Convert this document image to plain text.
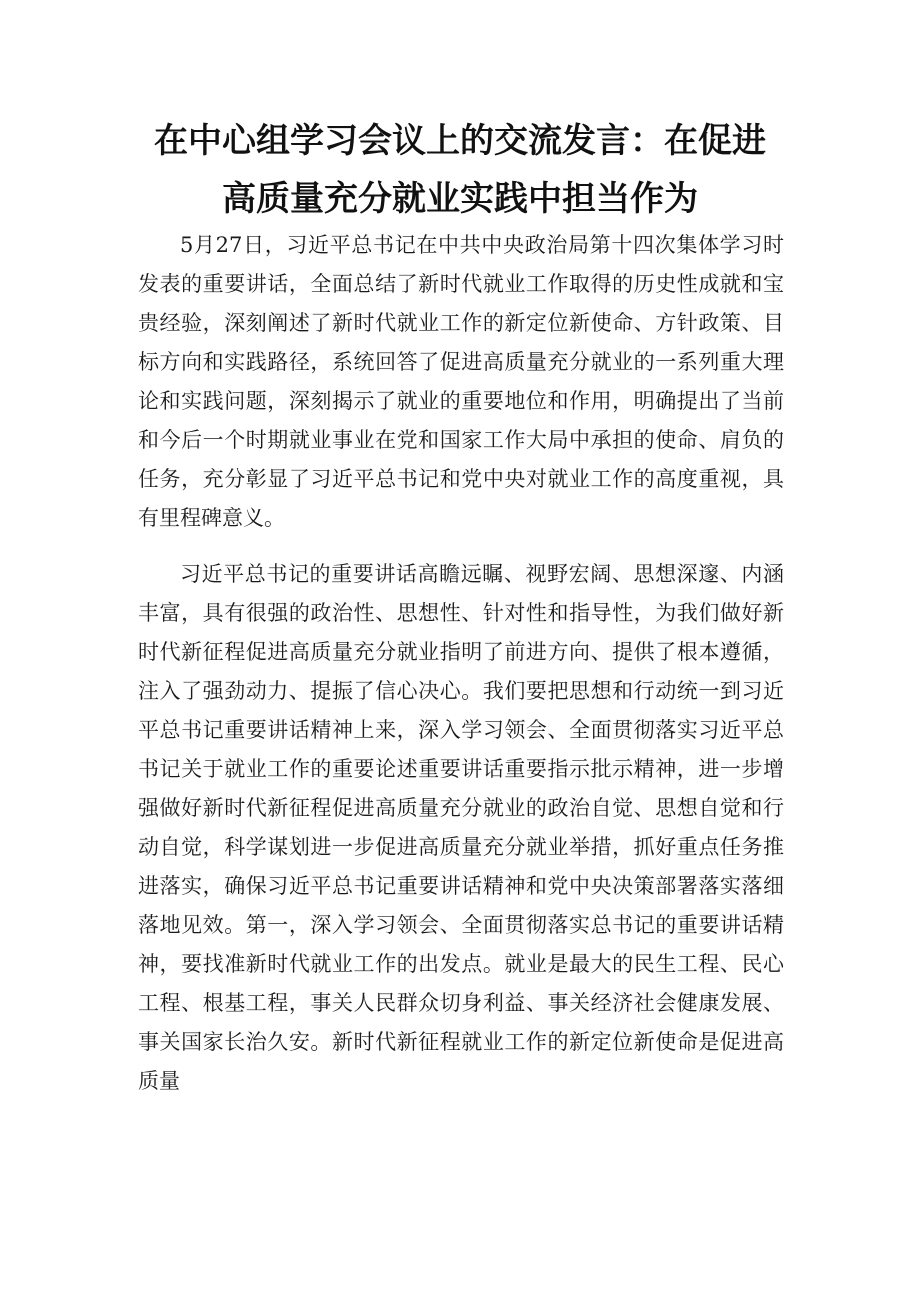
在中心组学习会议上的交流发言：在促进
高质量充分就业实践中担当作为

5月27日，习近平总书记在中共中央政治局第十四次集体学习时发表的重要讲话，全面总结了新时代就业工作取得的历史性成就和宝贵经验，深刻阐述了新时代就业工作的新定位新使命、方针政策、目标方向和实践路径，系统回答了促进高质量充分就业的一系列重大理论和实践问题，深刻揭示了就业的重要地位和作用，明确提出了当前和今后一个时期就业事业在党和国家工作大局中承担的使命、肩负的任务，充分彰显了习近平总书记和党中央对就业工作的高度重视，具有里程碑意义。

习近平总书记的重要讲话高瞻远瞩、视野宏阔、思想深邃、内涵丰富，具有很强的政治性、思想性、针对性和指导性，为我们做好新时代新征程促进高质量充分就业指明了前进方向、提供了根本遵循，注入了强劲动力、提振了信心决心。我们要把思想和行动统一到习近平总书记重要讲话精神上来，深入学习领会、全面贯彻落实习近平总书记关于就业工作的重要论述重要讲话重要指示批示精神，进一步增强做好新时代新征程促进高质量充分就业的政治自觉、思想自觉和行动自觉，科学谋划进一步促进高质量充分就业举措，抓好重点任务推进落实，确保习近平总书记重要讲话精神和党中央决策部署落实落细落地见效。第一，深入学习领会、全面贯彻落实总书记的重要讲话精神，要找准新时代就业工作的出发点。就业是最大的民生工程、民心工程、根基工程，事关人民群众切身利益、事关经济社会健康发展、事关国家长治久安。新时代新征程就业工作的新定位新使命是促进高质量
